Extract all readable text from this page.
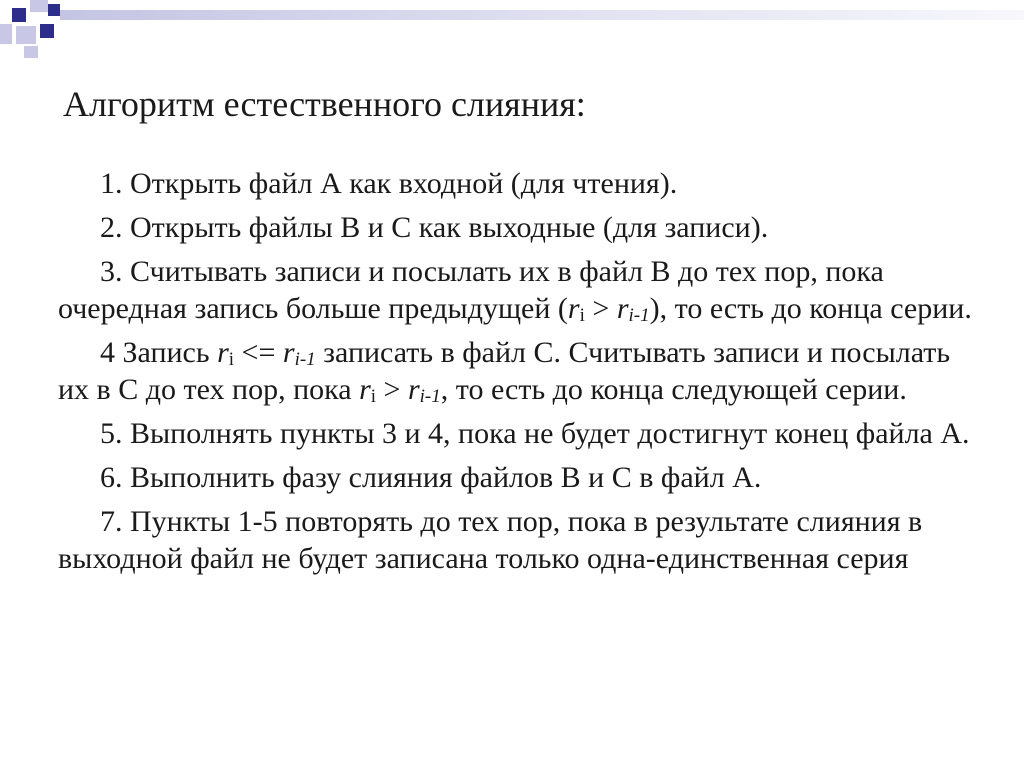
Алгоритм естественного слияния:

1. Открыть файл А как входной (для чтения).

2. Открыть файлы В и С как выходные (для записи).

3. Считывать записи и посылать их в файл В до тех пор, пока очередная запись больше предыдущей $(r_i > r_{i-1})$, то есть до конца серии.

4 Запись $r_i <= r_{i-1}$ записать в файл С. Считывать записи и посылать их в С до тех пор, пока $r_i > r_{i-1}$, то есть до конца следующей серии.

5. Выполнять пункты 3 и 4, пока не будет достигнут конец файла А.

6. Выполнить фазу слияния файлов В и С в файл А.

7. Пункты 1-5 повторять до тех пор, пока в результате слияния в выходной файл не будет записана только одна-единственная серия
